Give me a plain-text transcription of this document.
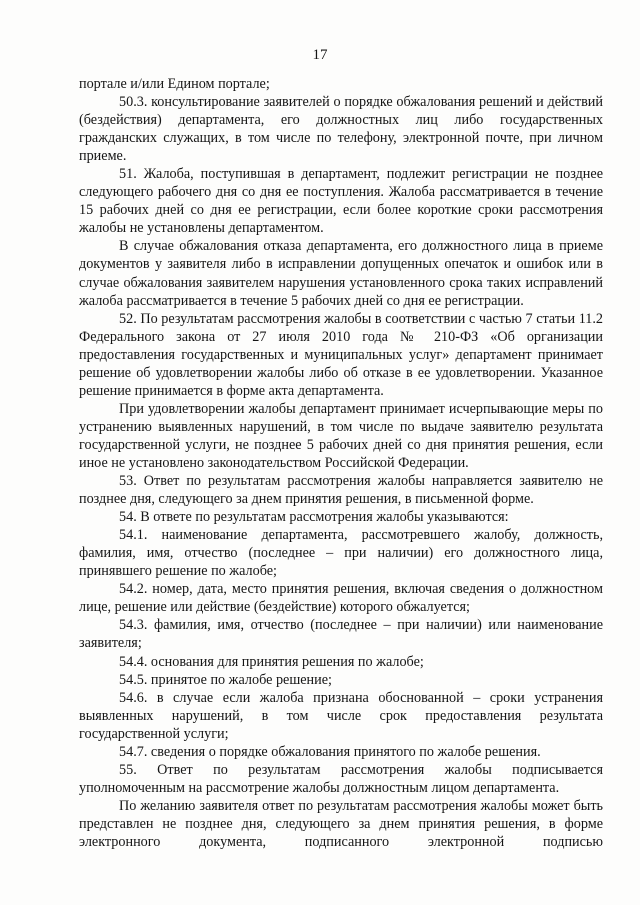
17

порталe и/или Едином портале;

50.3. консультирование заявителей о порядке обжалования решений и действий (бездействия) департамента, его должностных лиц либо государственных гражданских служащих, в том числе по телефону, электронной почте, при личном приеме.

51. Жалоба, поступившая в департамент, подлежит регистрации не позднее следующего рабочего дня со дня ее поступления. Жалоба рассматривается в течение 15 рабочих дней со дня ее регистрации, если более короткие сроки рассмотрения жалобы не установлены департаментом.

В случае обжалования отказа департамента, его должностного лица в приеме документов у заявителя либо в исправлении допущенных опечаток и ошибок или в случае обжалования заявителем нарушения установленного срока таких исправлений жалоба рассматривается в течение 5 рабочих дней со дня ее регистрации.

52. По результатам рассмотрения жалобы в соответствии с частью 7 статьи 11.2 Федерального закона от 27 июля 2010 года № 210-ФЗ «Об организации предоставления государственных и муниципальных услуг» департамент принимает решение об удовлетворении жалобы либо об отказе в ее удовлетворении. Указанное решение принимается в форме акта департамента.

При удовлетворении жалобы департамент принимает исчерпывающие меры по устранению выявленных нарушений, в том числе по выдаче заявителю результата государственной услуги, не позднее 5 рабочих дней со дня принятия решения, если иное не установлено законодательством Российской Федерации.

53. Ответ по результатам рассмотрения жалобы направляется заявителю не позднее дня, следующего за днем принятия решения, в письменной форме.

54. В ответе по результатам рассмотрения жалобы указываются:

54.1. наименование департамента, рассмотревшего жалобу, должность, фамилия, имя, отчество (последнее – при наличии) его должностного лица, принявшего решение по жалобе;

54.2. номер, дата, место принятия решения, включая сведения о должностном лице, решение или действие (бездействие) которого обжалуется;

54.3. фамилия, имя, отчество (последнее – при наличии) или наименование заявителя;

54.4. основания для принятия решения по жалобе;

54.5. принятое по жалобе решение;

54.6. в случае если жалоба признана обоснованной – сроки устранения выявленных нарушений, в том числе срок предоставления результата государственной услуги;

54.7. сведения о порядке обжалования принятого по жалобе решения.

55. Ответ по результатам рассмотрения жалобы подписывается уполномоченным на рассмотрение жалобы должностным лицом департамента.

По желанию заявителя ответ по результатам рассмотрения жалобы может быть представлен не позднее дня, следующего за днем принятия решения, в форме электронного документа, подписанного электронной подписью
